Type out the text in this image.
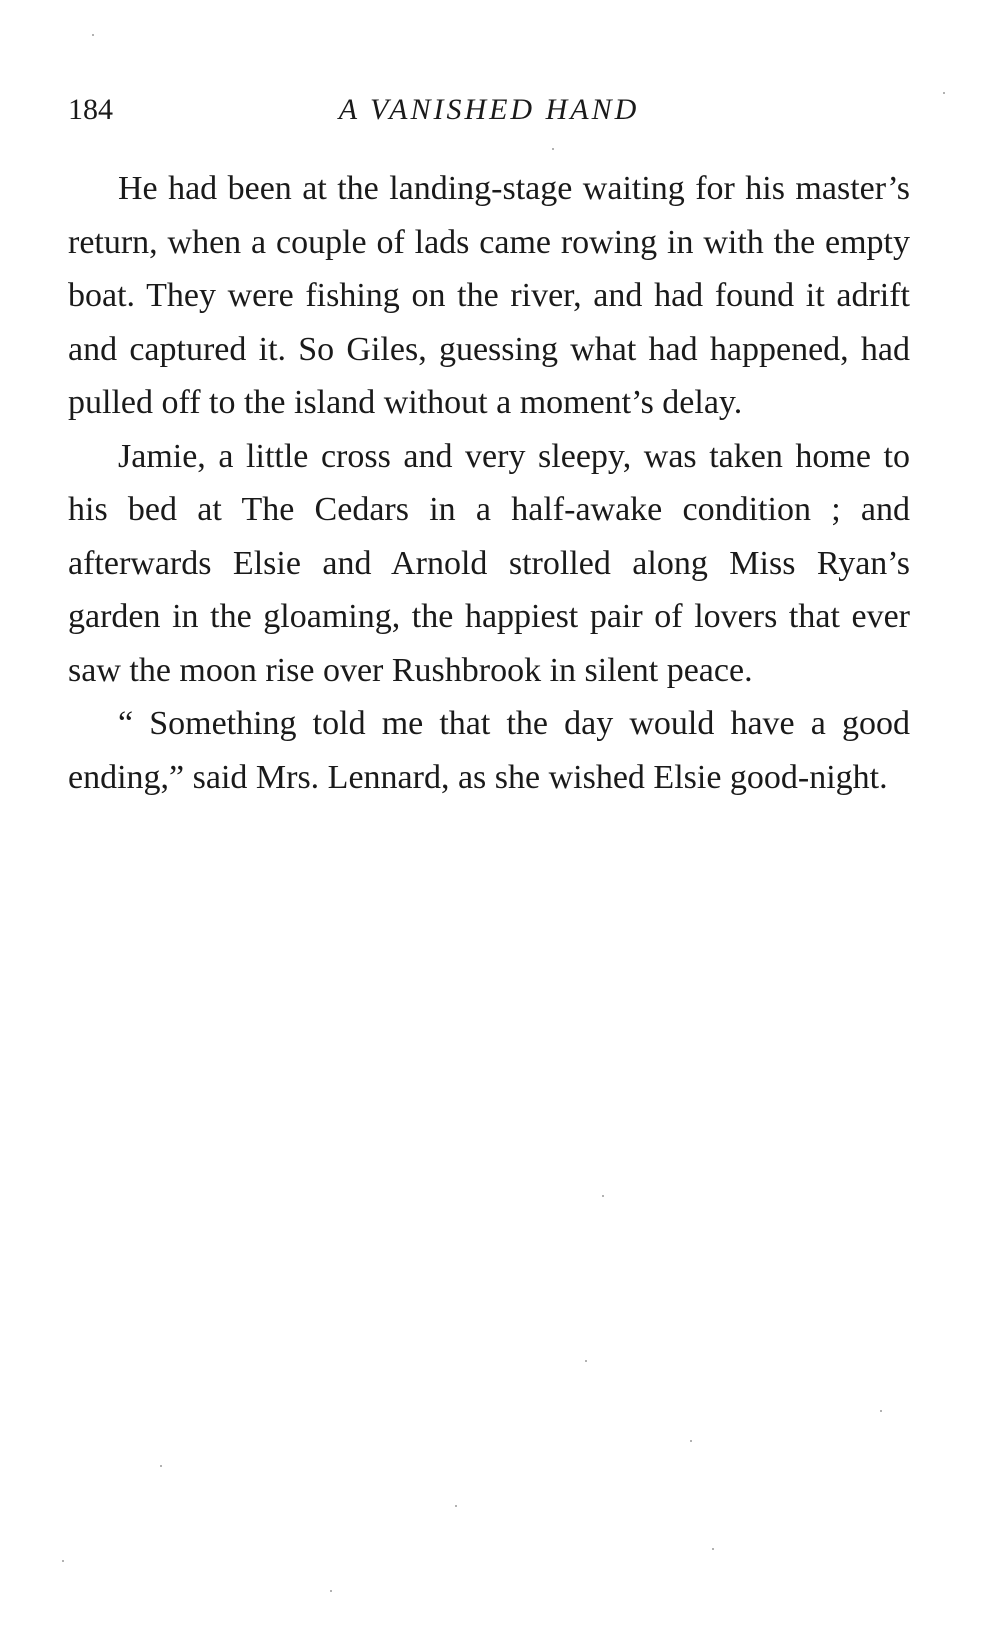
184	A VANISHED HAND

He had been at the landing-stage waiting for his master’s return, when a couple of lads came rowing in with the empty boat. They were fishing on the river, and had found it adrift and captured it. So Giles, guessing what had happened, had pulled off to the island without a moment’s delay.

Jamie, a little cross and very sleepy, was taken home to his bed at The Cedars in a half-awake condition ; and afterwards Elsie and Arnold strolled along Miss Ryan’s garden in the gloaming, the happiest pair of lovers that ever saw the moon rise over Rushbrook in silent peace.

“ Something told me that the day would have a good ending,” said Mrs. Lennard, as she wished Elsie good-night.
